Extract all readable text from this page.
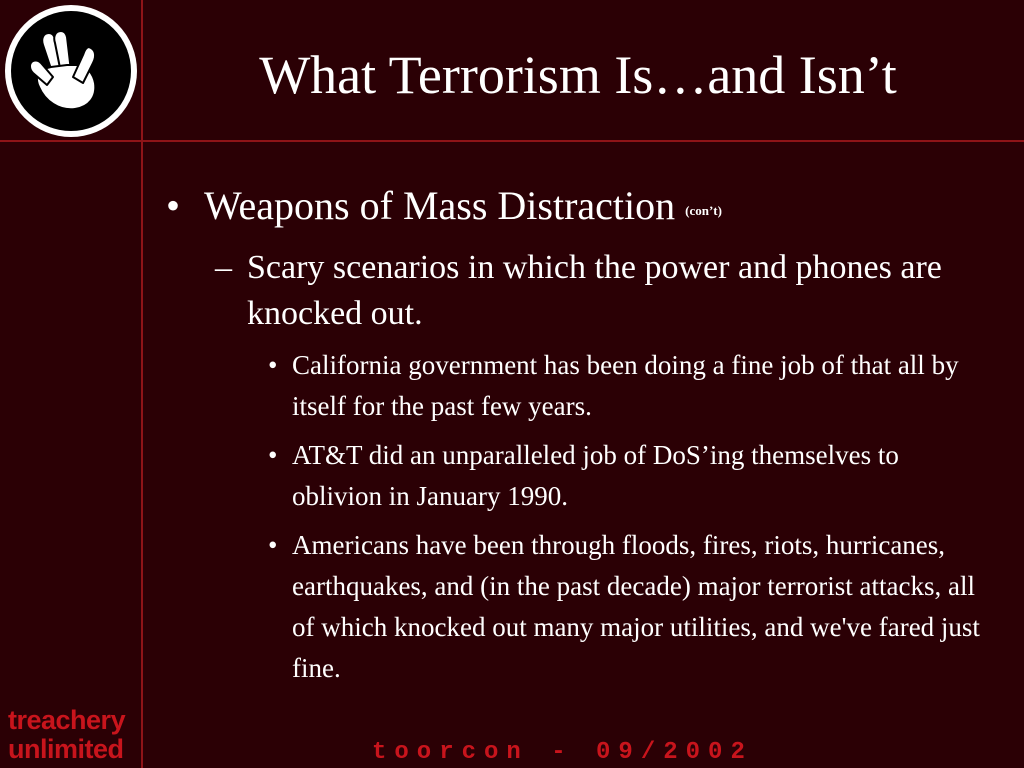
What Terrorism Is…and Isn’t
• Weapons of Mass Distraction (con’t)
– Scary scenarios in which the power and phones are knocked out.
• California government has been doing a fine job of that all by itself for the past few years.
• AT&T did an unparalleled job of DoS’ing themselves to oblivion in January 1990.
• Americans have been through floods, fires, riots, hurricanes, earthquakes, and (in the past decade) major terrorist attacks, all of which knocked out many major utilities, and we've fared just fine.
treachery
unlimited	toorcon - 09/2002
